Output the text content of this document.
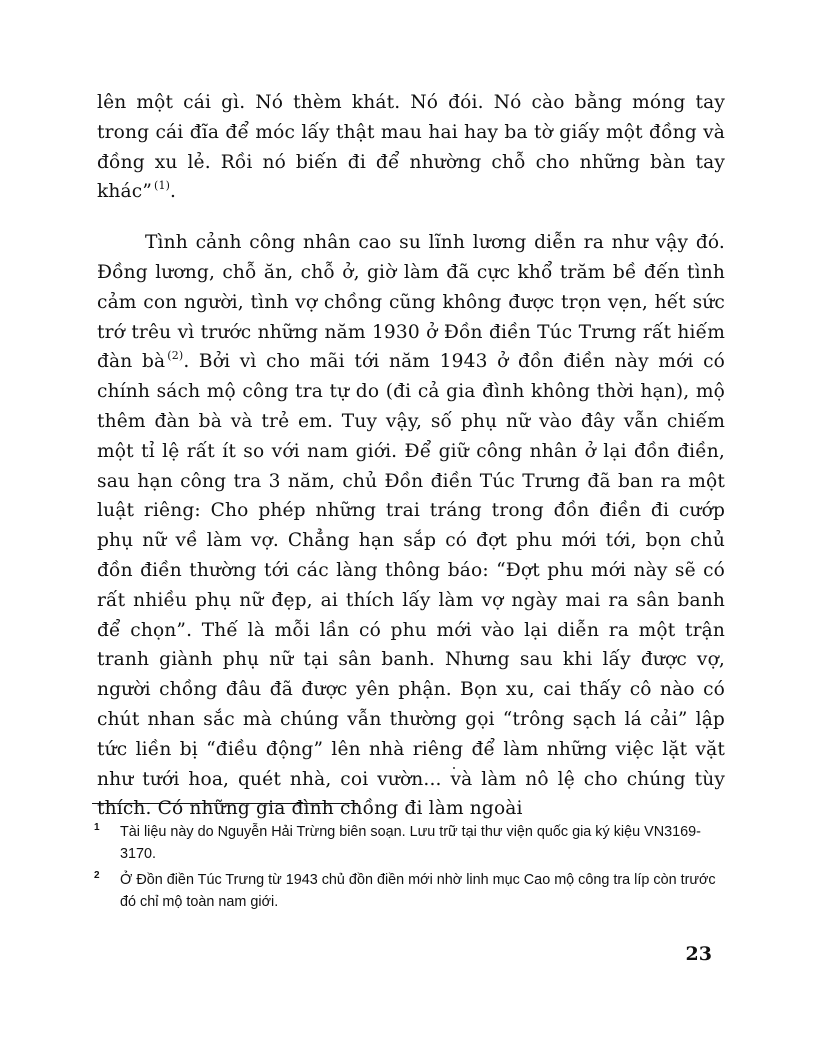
lên một cái gì. Nó thèm khát. Nó đói. Nó cào bằng móng tay trong cái đĩa để móc lấy thật mau hai hay ba tờ giấy một đồng và đồng xu lẻ. Rồi nó biến đi để nhường chỗ cho những bàn tay khác” $^{(1)}$.

Tình cảnh công nhân cao su lĩnh lương diễn ra như vậy đó. Đồng lương, chỗ ăn, chỗ ở, giờ làm đã cực khổ trăm bề đến tình cảm con người, tình vợ chồng cũng không được trọn vẹn, hết sức trớ trêu vì trước những năm 1930 ở Đồn điền Túc Trưng rất hiếm đàn bà $^{(2)}$. Bởi vì cho mãi tới năm 1943 ở đồn điền này mới có chính sách mộ công tra tự do (đi cả gia đình không thời hạn), mộ thêm đàn bà và trẻ em. Tuy vậy, số phụ nữ vào đây vẫn chiếm một tỉ lệ rất ít so với nam giới. Để giữ công nhân ở lại đồn điền, sau hạn công tra 3 năm, chủ Đồn điền Túc Trưng đã ban ra một luật riêng: Cho phép những trai tráng trong đồn điền đi cướp phụ nữ về làm vợ. Chẳng hạn sắp có đợt phu mới tới, bọn chủ đồn điền thường tới các làng thông báo: “Đợt phu mới này sẽ có rất nhiều phụ nữ đẹp, ai thích lấy làm vợ ngày mai ra sân banh để chọn”. Thế là mỗi lần có phu mới vào lại diễn ra một trận tranh giành phụ nữ tại sân banh. Nhưng sau khi lấy được vợ, người chồng đâu đã được yên phận. Bọn xu, cai thấy cô nào có chút nhan sắc mà chúng vẫn thường gọi “trông sạch lá cải” lập tức liền bị “điều động” lên nhà riêng để làm những việc lặt vặt như tưới hoa, quét nhà, coi vườn... và làm nô lệ cho chúng tùy thích. Có những gia đình chồng đi làm ngoài

1 Tài liệu này do Nguyễn Hải Trừng biên soạn. Lưu trữ tại thư viện quốc gia ký kiệu VN3169-3170.
2 Ở Đồn điền Túc Trưng từ 1943 chủ đồn điền mới nhờ linh mục Cao mộ công tra líp còn trước đó chỉ mộ toàn nam giới.
23
